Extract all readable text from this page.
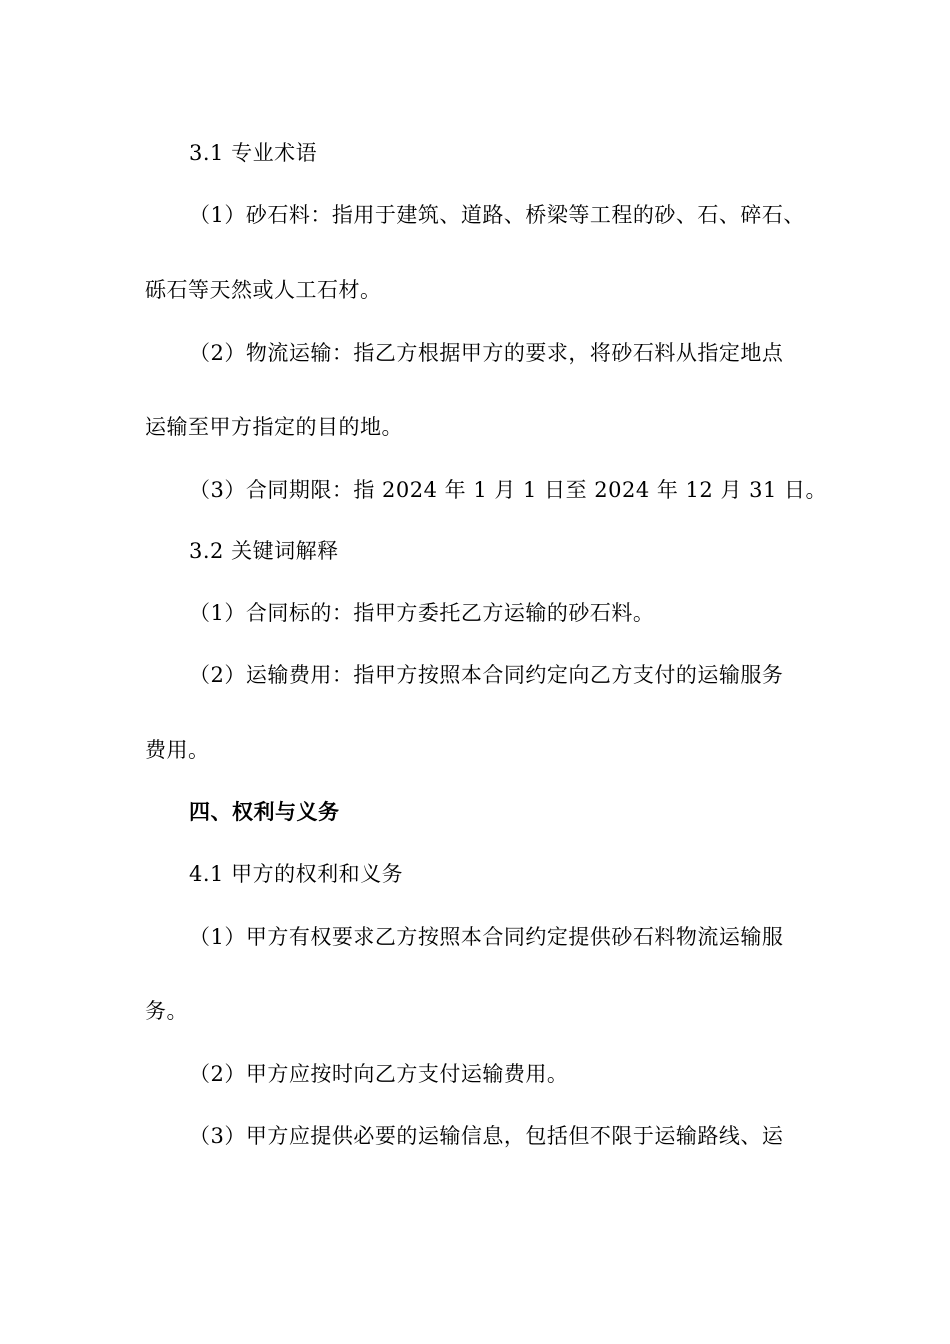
3.1 专业术语
（1）砂石料：指用于建筑、道路、桥梁等工程的砂、石、碎石、
砾石等天然或人工石材。
（2）物流运输：指乙方根据甲方的要求，将砂石料从指定地点
运输至甲方指定的目的地。
（3）合同期限：指 2024 年 1 月 1 日至 2024 年 12 月 31 日。
3.2 关键词解释
（1）合同标的：指甲方委托乙方运输的砂石料。
（2）运输费用：指甲方按照本合同约定向乙方支付的运输服务
费用。
四、权利与义务
4.1 甲方的权利和义务
（1）甲方有权要求乙方按照本合同约定提供砂石料物流运输服
务。
（2）甲方应按时向乙方支付运输费用。
（3）甲方应提供必要的运输信息，包括但不限于运输路线、运
